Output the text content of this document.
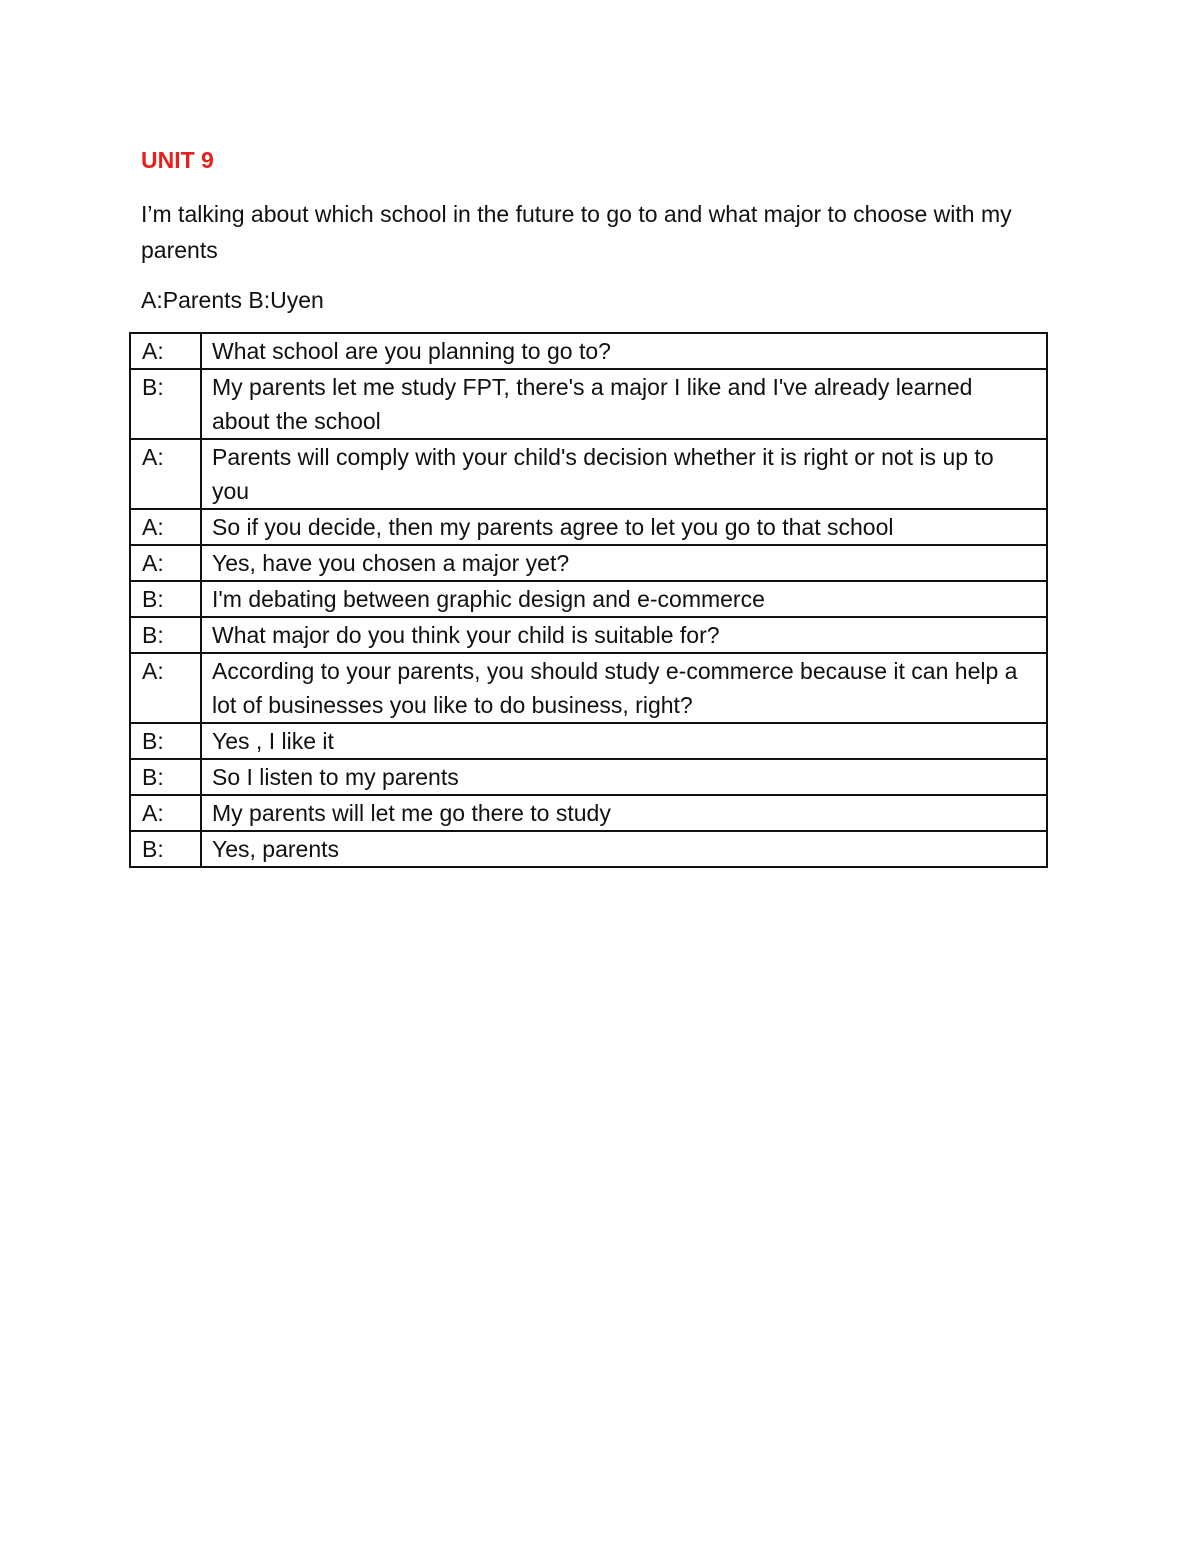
UNIT 9
I’m talking about which school in the future to go to and what major to choose with my parents
A:Parents B:Uyen
A:	What school are you planning to go to?
B:	My parents let me study FPT, there's a major I like and I've already learned about the school
A:	Parents will comply with your child's decision whether it is right or not is up to you
A:	So if you decide, then my parents agree to let you go to that school
A:	Yes, have you chosen a major yet?
B:	I'm debating between graphic design and e-commerce
B:	What major do you think your child is suitable for?
A:	According to your parents, you should study e-commerce because it can help a lot of businesses you like to do business, right?
B:	Yes , I like it
B:	So I listen to my parents
A:	My parents will let me go there to study
B:	Yes, parents
